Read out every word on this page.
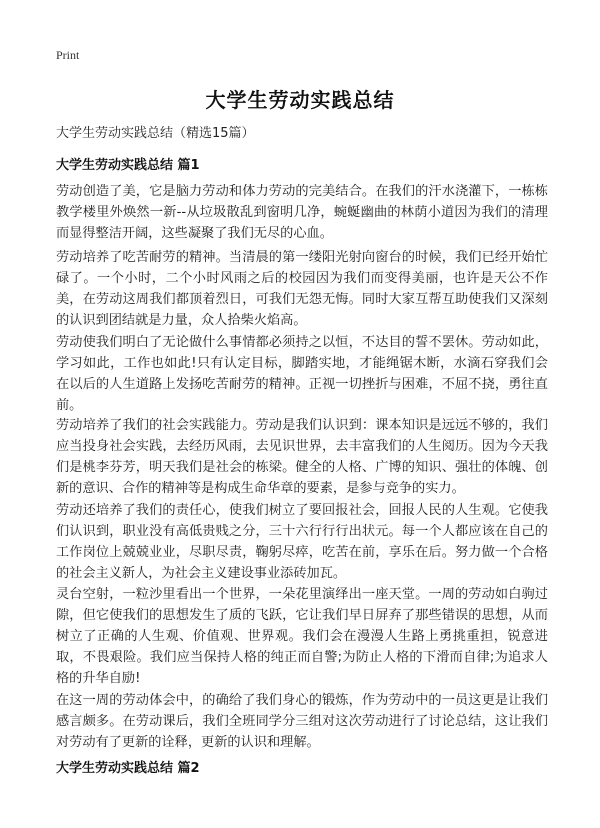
Print
大学生劳动实践总结
大学生劳动实践总结（精选15篇）
大学生劳动实践总结 篇1

劳动创造了美，它是脑力劳动和体力劳动的完美结合。在我们的汗水浇灌下，一栋栋教学楼里外焕然一新--从垃圾散乱到窗明几净，蜿蜒幽曲的林荫小道因为我们的清理而显得整洁开阔，这些凝聚了我们无尽的心血。

劳动培养了吃苦耐劳的精神。当清晨的第一缕阳光射向窗台的时候，我们已经开始忙碌了。一个小时，二个小时风雨之后的校园因为我们而变得美丽，也许是天公不作美，在劳动这周我们都顶着烈日，可我们无怨无悔。同时大家互帮互助使我们又深刻的认识到团结就是力量，众人拾柴火焰高。

劳动使我们明白了无论做什么事情都必须持之以恒，不达目的誓不罢休。劳动如此，学习如此，工作也如此!只有认定目标，脚踏实地，才能绳锯木断，水滴石穿我们会在以后的人生道路上发扬吃苦耐劳的精神。正视一切挫折与困难，不屈不挠，勇往直前。

劳动培养了我们的社会实践能力。劳动是我们认识到：课本知识是远远不够的，我们应当投身社会实践，去经历风雨，去见识世界，去丰富我们的人生阅历。因为今天我们是桃李芬芳，明天我们是社会的栋梁。健全的人格、广博的知识、强壮的体魄、创新的意识、合作的精神等是构成生命华章的要素，是参与竞争的实力。

劳动还培养了我们的责任心，使我们树立了要回报社会，回报人民的人生观。它使我们认识到，职业没有高低贵贱之分，三十六行行行出状元。每一个人都应该在自己的工作岗位上兢兢业业，尽职尽责，鞠躬尽瘁，吃苦在前，享乐在后。努力做一个合格的社会主义新人，为社会主义建设事业添砖加瓦。

灵台空射，一粒沙里看出一个世界，一朵花里演绎出一座天堂。一周的劳动如白驹过隙，但它使我们的思想发生了质的飞跃，它让我们早日屏弃了那些错误的思想，从而树立了正确的人生观、价值观、世界观。我们会在漫漫人生路上勇挑重担，锐意进取，不畏艰险。我们应当保持人格的纯正而自警;为防止人格的下滑而自律;为追求人格的升华自励!

在这一周的劳动体会中，的确给了我们身心的锻炼，作为劳动中的一员这更是让我们感言颇多。在劳动课后，我们全班同学分三组对这次劳动进行了讨论总结，这让我们对劳动有了更新的诠释，更新的认识和理解。

大学生劳动实践总结 篇2
